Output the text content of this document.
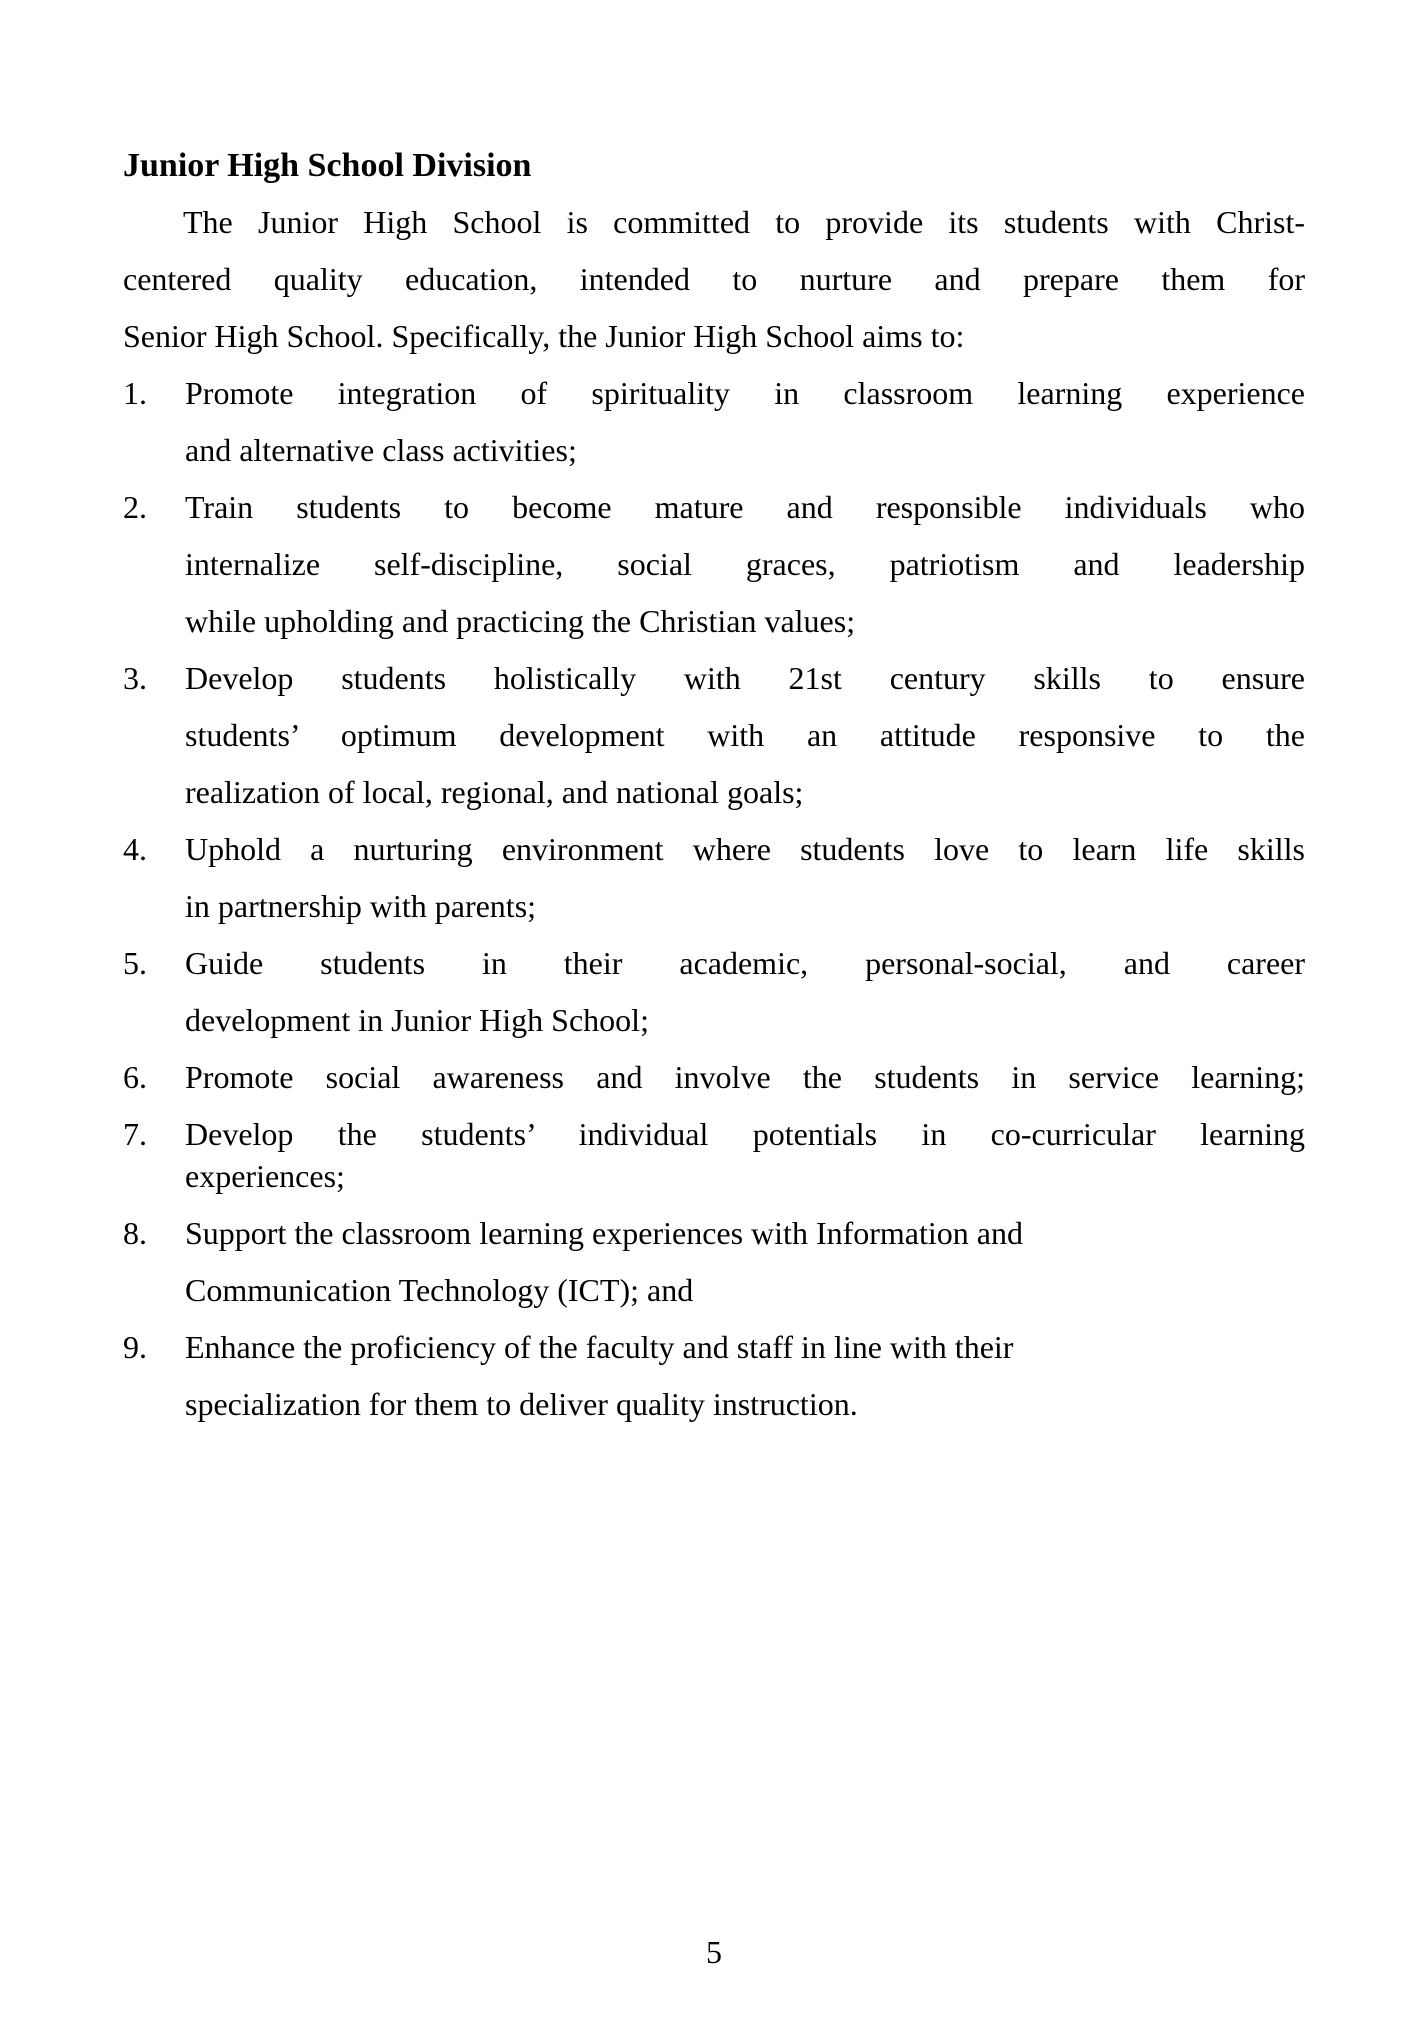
Junior High School Division
The Junior High School is committed to provide its students with Christ-
centered quality education, intended to nurture and prepare them for
Senior High School. Specifically, the Junior High School aims to:
1.	Promote integration of spirituality in classroom learning experience
and alternative class activities;
2.	Train students to become mature and responsible individuals who
internalize self-discipline, social graces, patriotism and leadership
while upholding and practicing the Christian values;
3.	Develop students holistically with 21st century skills to ensure
students’ optimum development with an attitude responsive to the
realization of local, regional, and national goals;
4.	Uphold a nurturing environment where students love to learn life skills
in partnership with parents;
5.	Guide students in their academic, personal-social, and career
development in Junior High School;
6.	Promote social awareness and involve the students in service learning;
7.	Develop the students’ individual potentials in co-curricular learning
experiences;
8.	Support the classroom learning experiences with Information and
Communication Technology (ICT); and
9.	Enhance the proficiency of the faculty and staff in line with their
specialization for them to deliver quality instruction.
5
